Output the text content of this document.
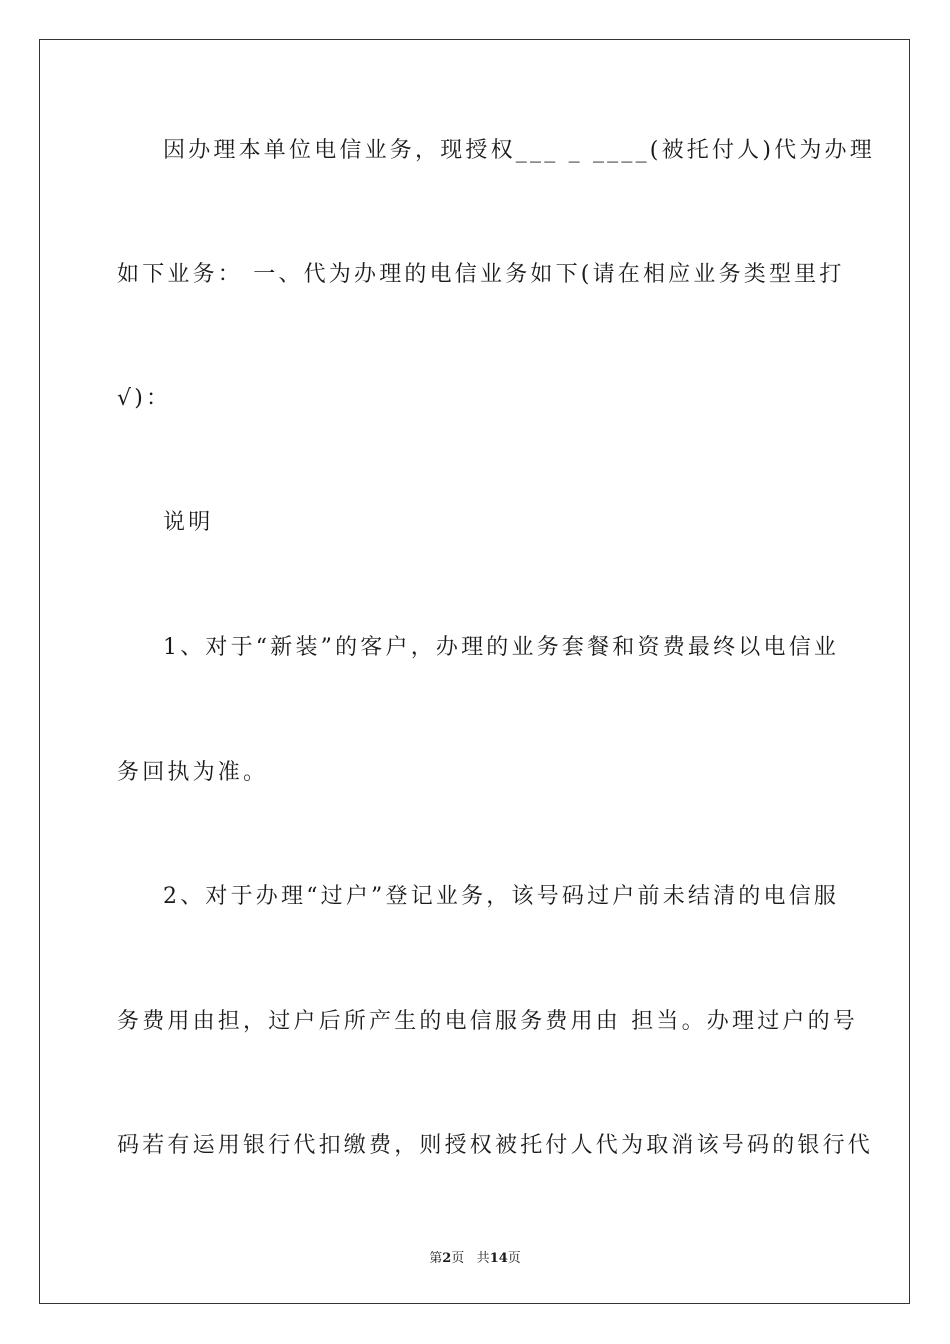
因办理本单位电信业务，现授权___ _ ____(被托付人)代为办理
如下业务： 一、代为办理的电信业务如下(请在相应业务类型里打
√)：
说明
1、对于“新装”的客户，办理的业务套餐和资费最终以电信业
务回执为准。
2、对于办理“过户”登记业务，该号码过户前未结清的电信服
务费用由担，过户后所产生的电信服务费用由 担当。办理过户的号
码若有运用银行代扣缴费，则授权被托付人代为取消该号码的银行代
第2页 共14页
